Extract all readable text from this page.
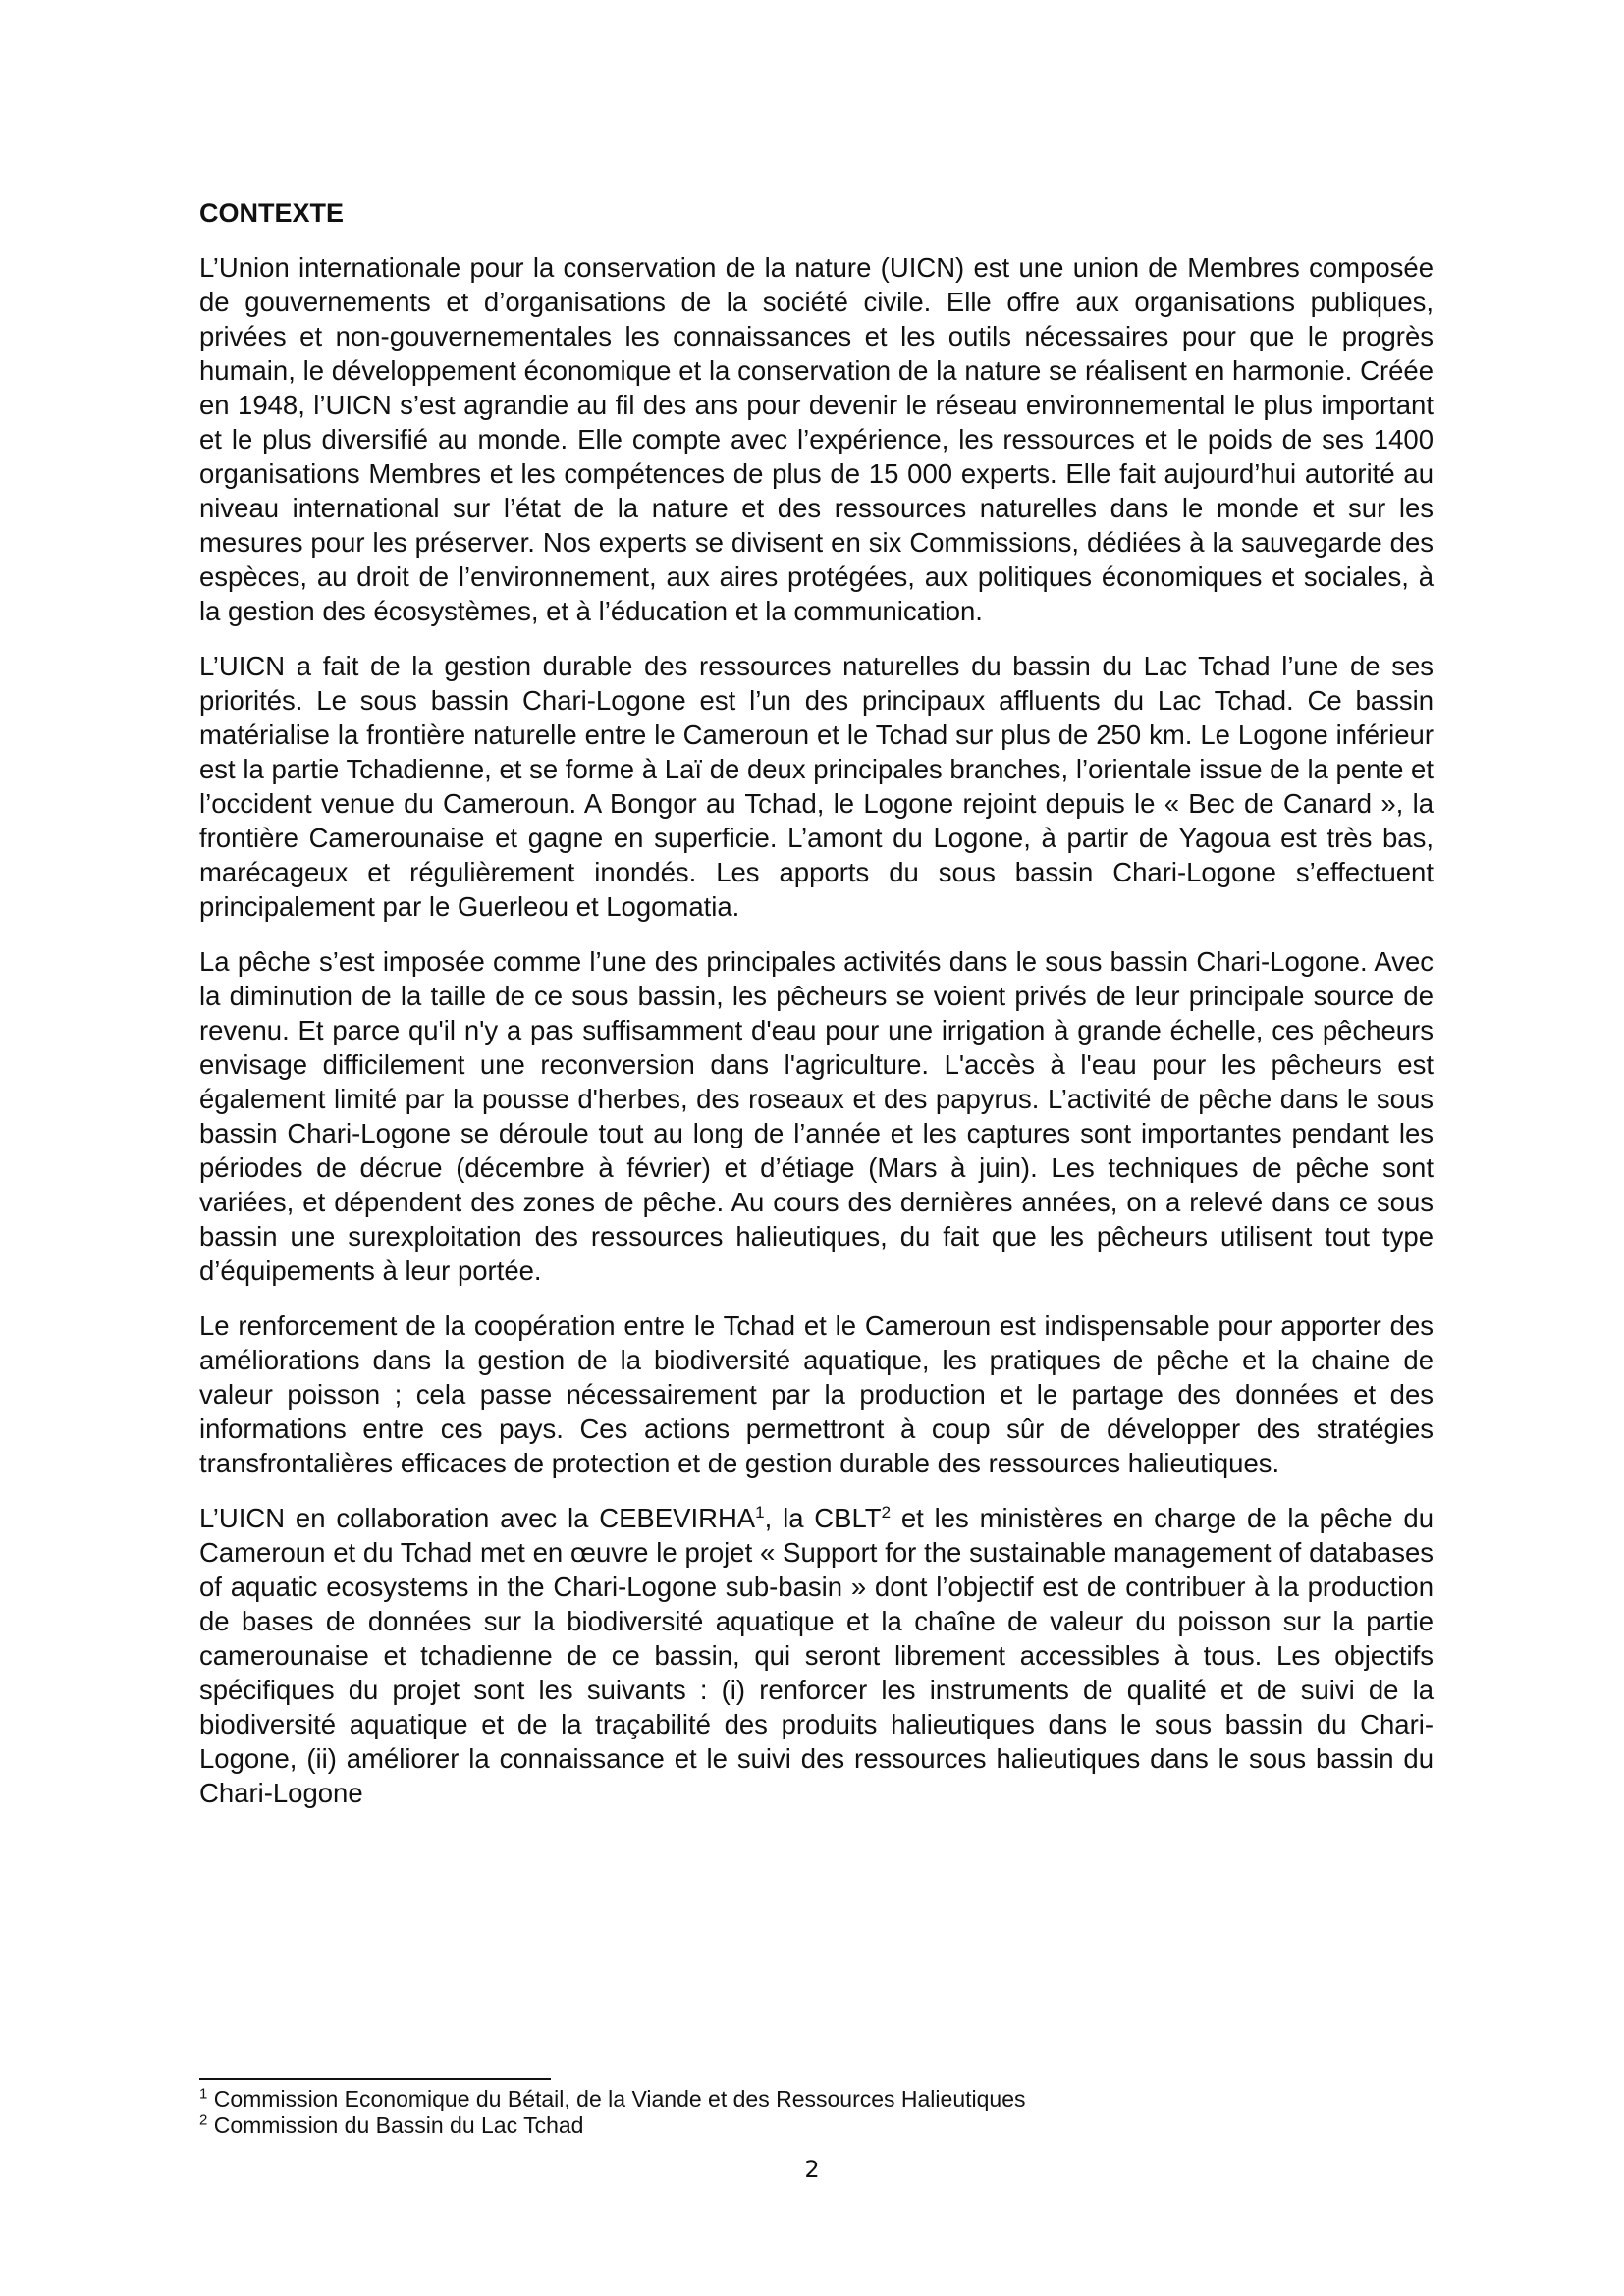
CONTEXTE

L’Union internationale pour la conservation de la nature (UICN) est une union de Membres composée de gouvernements et d’organisations de la société civile. Elle offre aux organisations publiques, privées et non-gouvernementales les connaissances et les outils nécessaires pour que le progrès humain, le développement économique et la conservation de la nature se réalisent en harmonie. Créée en 1948, l’UICN s’est agrandie au fil des ans pour devenir le réseau environnemental le plus important et le plus diversifié au monde. Elle compte avec l’expérience, les ressources et le poids de ses 1400 organisations Membres et les compétences de plus de 15 000 experts. Elle fait aujourd’hui autorité au niveau international sur l’état de la nature et des ressources naturelles dans le monde et sur les mesures pour les préserver. Nos experts se divisent en six Commissions, dédiées à la sauvegarde des espèces, au droit de l’environnement, aux aires protégées, aux politiques économiques et sociales, à la gestion des écosystèmes, et à l’éducation et la communication.

L’UICN a fait de la gestion durable des ressources naturelles du bassin du Lac Tchad l’une de ses priorités. Le sous bassin Chari-Logone est l’un des principaux affluents du Lac Tchad. Ce bassin matérialise la frontière naturelle entre le Cameroun et le Tchad sur plus de 250 km. Le Logone inférieur est la partie Tchadienne, et se forme à Laï de deux principales branches, l’orientale issue de la pente et l’occident venue du Cameroun. A Bongor au Tchad, le Logone rejoint depuis le « Bec de Canard », la frontière Camerounaise et gagne en superficie. L’amont du Logone, à partir de Yagoua est très bas, marécageux et régulièrement inondés. Les apports du sous bassin Chari-Logone s’effectuent principalement par le Guerleou et Logomatia.

La pêche s’est imposée comme l’une des principales activités dans le sous bassin Chari-Logone. Avec la diminution de la taille de ce sous bassin, les pêcheurs se voient privés de leur principale source de revenu. Et parce qu'il n'y a pas suffisamment d'eau pour une irrigation à grande échelle, ces pêcheurs envisage difficilement une reconversion dans l'agriculture. L'accès à l'eau pour les pêcheurs est également limité par la pousse d'herbes, des roseaux et des papyrus. L’activité de pêche dans le sous bassin Chari-Logone se déroule tout au long de l’année et les captures sont importantes pendant les périodes de décrue (décembre à février) et d’étiage (Mars à juin). Les techniques de pêche sont variées, et dépendent des zones de pêche. Au cours des dernières années, on a relevé dans ce sous bassin une surexploitation des ressources halieutiques, du fait que les pêcheurs utilisent tout type d’équipements à leur portée.

Le renforcement de la coopération entre le Tchad et le Cameroun est indispensable pour apporter des améliorations dans la gestion de la biodiversité aquatique, les pratiques de pêche et la chaine de valeur poisson ; cela passe nécessairement par la production et le partage des données et des informations entre ces pays. Ces actions permettront à coup sûr de développer des stratégies transfrontalières efficaces de protection et de gestion durable des ressources halieutiques.

L’UICN en collaboration avec la CEBEVIRHA$^1$, la CBLT$^2$ et les ministères en charge de la pêche du Cameroun et du Tchad met en œuvre le projet « Support for the sustainable management of databases of aquatic ecosystems in the Chari-Logone sub-basin » dont l’objectif est de contribuer à la production de bases de données sur la biodiversité aquatique et la chaîne de valeur du poisson sur la partie camerounaise et tchadienne de ce bassin, qui seront librement accessibles à tous. Les objectifs spécifiques du projet sont les suivants : (i) renforcer les instruments de qualité et de suivi de la biodiversité aquatique et de la traçabilité des produits halieutiques dans le sous bassin du Chari-Logone, (ii) améliorer la connaissance et le suivi des ressources halieutiques dans le sous bassin du Chari-Logone

$^1$ Commission Economique du Bétail, de la Viande et des Ressources Halieutiques
$^2$ Commission du Bassin du Lac Tchad
2
